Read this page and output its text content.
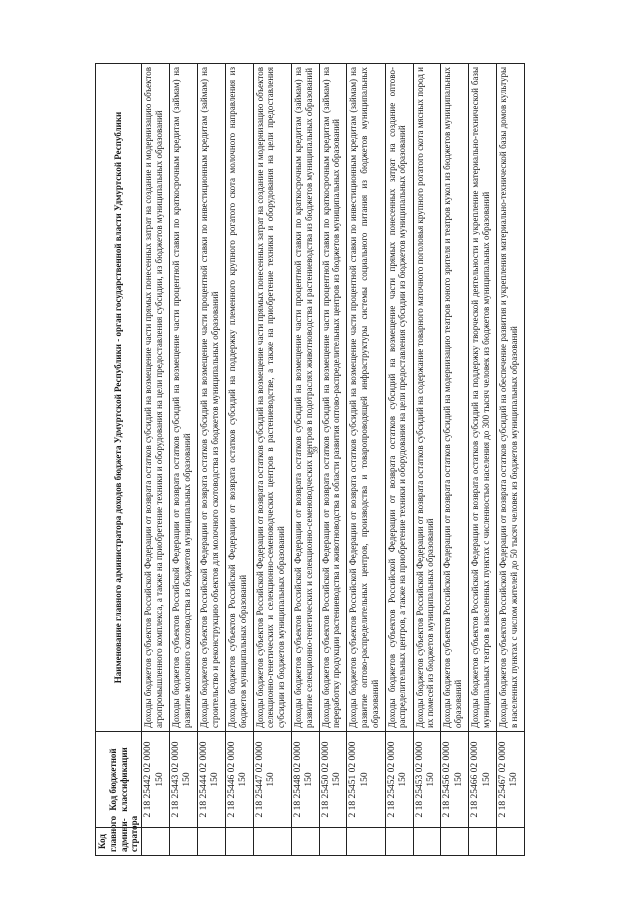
39
Код главного админи-стратора	Код бюджетной классификации	Наименование главного администратора доходов бюджета Удмуртской Республики - орган государственной власти Удмуртской Республики
	2 18 25442 02 0000 150	Доходы бюджетов субъектов Российской Федерации от возврата остатков субсидий на возмещение части прямых понесенных затрат на создание и модернизацию объектов агропромышленного комплекса, а также на приобретение техники и оборудования на цели предоставления субсидии, из бюджетов муниципальных образований
	2 18 25443 02 0000 150	Доходы бюджетов субъектов Российской Федерации от возврата остатков субсидий на возмещение части процентной ставки по краткосрочным кредитам (займам) на развитие молочного скотоводства из бюджетов муниципальных образований
	2 18 25444 02 0000 150	Доходы бюджетов субъектов Российской Федерации от возврата остатков субсидий на возмещение части процентной ставки по инвестиционным кредитам (займам) на строительство и реконструкцию объектов для молочного скотоводства из бюджетов муниципальных образований
	2 18 25446 02 0000 150	Доходы бюджетов субъектов Российской Федерации от возврата остатков субсидий на поддержку племенного крупного рогатого скота молочного направления из бюджетов муниципальных образований
	2 18 25447 02 0000 150	Доходы бюджетов субъектов Российской Федерации от возврата остатков субсидий на возмещение части прямых понесенных затрат на создание и модернизацию объектов селекционно-генетических и селекционно-семеноводческих центров в растениеводстве, а также на приобретение техники и оборудования на цели предоставления субсидии из бюджетов муниципальных образований
	2 18 25448 02 0000 150	Доходы бюджетов субъектов Российской Федерации от возврата остатков субсидий на возмещение части процентной ставки по краткосрочным кредитам (займам) на развитие селекционно-генетических и селекционно-семеноводческих центров в подотраслях животноводства и растениеводства из бюджетов муниципальных образований
	2 18 25450 02 0000 150	Доходы бюджетов субъектов Российской Федерации от возврата остатков субсидий на возмещение части процентной ставки по краткосрочным кредитам (займам) на переработку продукции растениеводства и животноводства в области развития оптово-распределительных центров из бюджетов муниципальных образований
	2 18 25451 02 0000 150	Доходы бюджетов субъектов Российской Федерации от возврата остатков субсидий на возмещение части процентной ставки по инвестиционным кредитам (займам) на развитие оптово-распределительных центров, производства и товаропроводящей инфраструктуры системы социального питания из бюджетов муниципальных образований
	2 18 25452 02 0000 150	Доходы бюджетов субъектов Российской Федерации от возврата остатков субсидий на возмещение части прямых понесенных затрат на создание оптово-распределительных центров, а также на приобретение техники и оборудования на цели предоставления субсидии из бюджетов муниципальных образований
	2 18 25453 02 0000 150	Доходы бюджетов субъектов Российской Федерации от возврата остатков субсидий на содержание товарного маточного поголовья крупного рогатого скота мясных пород и их помесей из бюджетов муниципальных образований
	2 18 25456 02 0000 150	Доходы бюджетов субъектов Российской Федерации от возврата остатков субсидий на модернизацию театров юного зрителя и театров кукол из бюджетов муниципальных образований
	2 18 25466 02 0000 150	Доходы бюджетов субъектов Российской Федерации от возврата остатков субсидий на поддержку творческой деятельности и укрепление материально-технической базы муниципальных театров в населенных пунктах с численностью населения до 300 тысяч человек из бюджетов муниципальных образований
	2 18 25467 02 0000 150	Доходы бюджетов субъектов Российской Федерации от возврата остатков субсидий на обеспечение развития и укрепления материально-технической базы домов культуры в населенных пунктах с числом жителей до 50 тысяч человек из бюджетов муниципальных образований
